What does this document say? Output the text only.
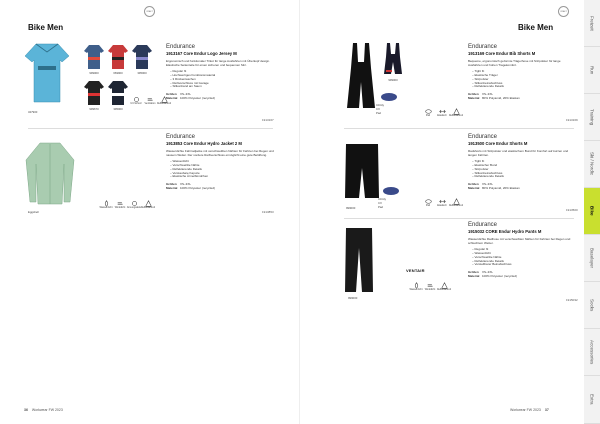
CRAFT
Bike Men
347900
999000	669900	395000
999670	395000
UV-Schutz Ventilation Reflektierend
Endurance
1913167 Core Endur Logo Jersey M
Ergonomisch und funktionaler Trikot für lange Ausfahrten mit Überkopf design. Elastische Seitenteile für einen sicheren und bequemen Sitz.
– Regular fit
– Hochwertiges Funktionsmaterial
– 3 Rückentaschen
– Reißverschluss mit Garage
– Silikonband am Saum
Größen XS–3XL
Material 100% Polyester (recycled)
1913167
Eggshell
Wasserdicht Winddicht Atmungsaktiv Reflektierend
Endurance
1913853 Core Endur Hydro Jacket 2 M
Wasserdichte Fahrradjacke mit verschweißten Nähten für Fahrten bei Regen und nassem Wetter. Der vordere Reißverschluss ermöglicht eine gute Belüftung.
– Wasserdicht
– Verschweißte Nähte
– Reflektierende Details
– Verstaubare Kapuze
– Elastische Ärmelbündchen
Größen XS–3XL
Material 100% Polyester (recycled)
1913853
36 Workwear FW 2023
CRAFT
Bike Men
999000
Infinity CX Pad
Pad	Elastisch Reflektierend
Endurance
1913169 Core Endur Bib Shorts M
Bequeme, ergonomisch geformte Trägerhose mit Sitzpolster für lange Ausfahrten und hohen Tragekomfort.
– Tight fit
– Elastische Träger
– Sitzpolster
– Silikonbeinabschluss
– Reflektierende Details
Größen XS–3XL
Material 80% Polyamid, 20% Elastan
1913169
Infinity CX Pad
999000
Pad	Elastisch Reflektierend
Endurance
1913500 Core Endur Shorts M
Radshorts mit Sitzpolster und elastischem Bund für Komfort auf kurzen und langen Fahrten.
– Tight fit
– Elastischer Bund
– Sitzpolster
– Silikonbeinabschluss
– Reflektierende Details
Größen XS–3XL
Material 80% Polyamid, 20% Elastan
1913500
999000
VENTAIR
Wasserdicht Winddicht Reflektierend
Endurance
1915032 CORE Endur Hydro Pants M
Wasserdichte Radhose mit verschweißten Nähten für Fahrten bei Regen und schlechtem Wetter.
– Regular fit
– Wasserdicht
– Verschweißte Nähte
– Reflektierende Details
– Verstellbarer Beinabschluss
Größen XS–3XL
Material 100% Polyester (recycled)
1915032
Workwear FW 2023 37
Freizeit
Run
Training
Ski / Nordic
Bike
Baselayer
Socks
Accessories
Extra
